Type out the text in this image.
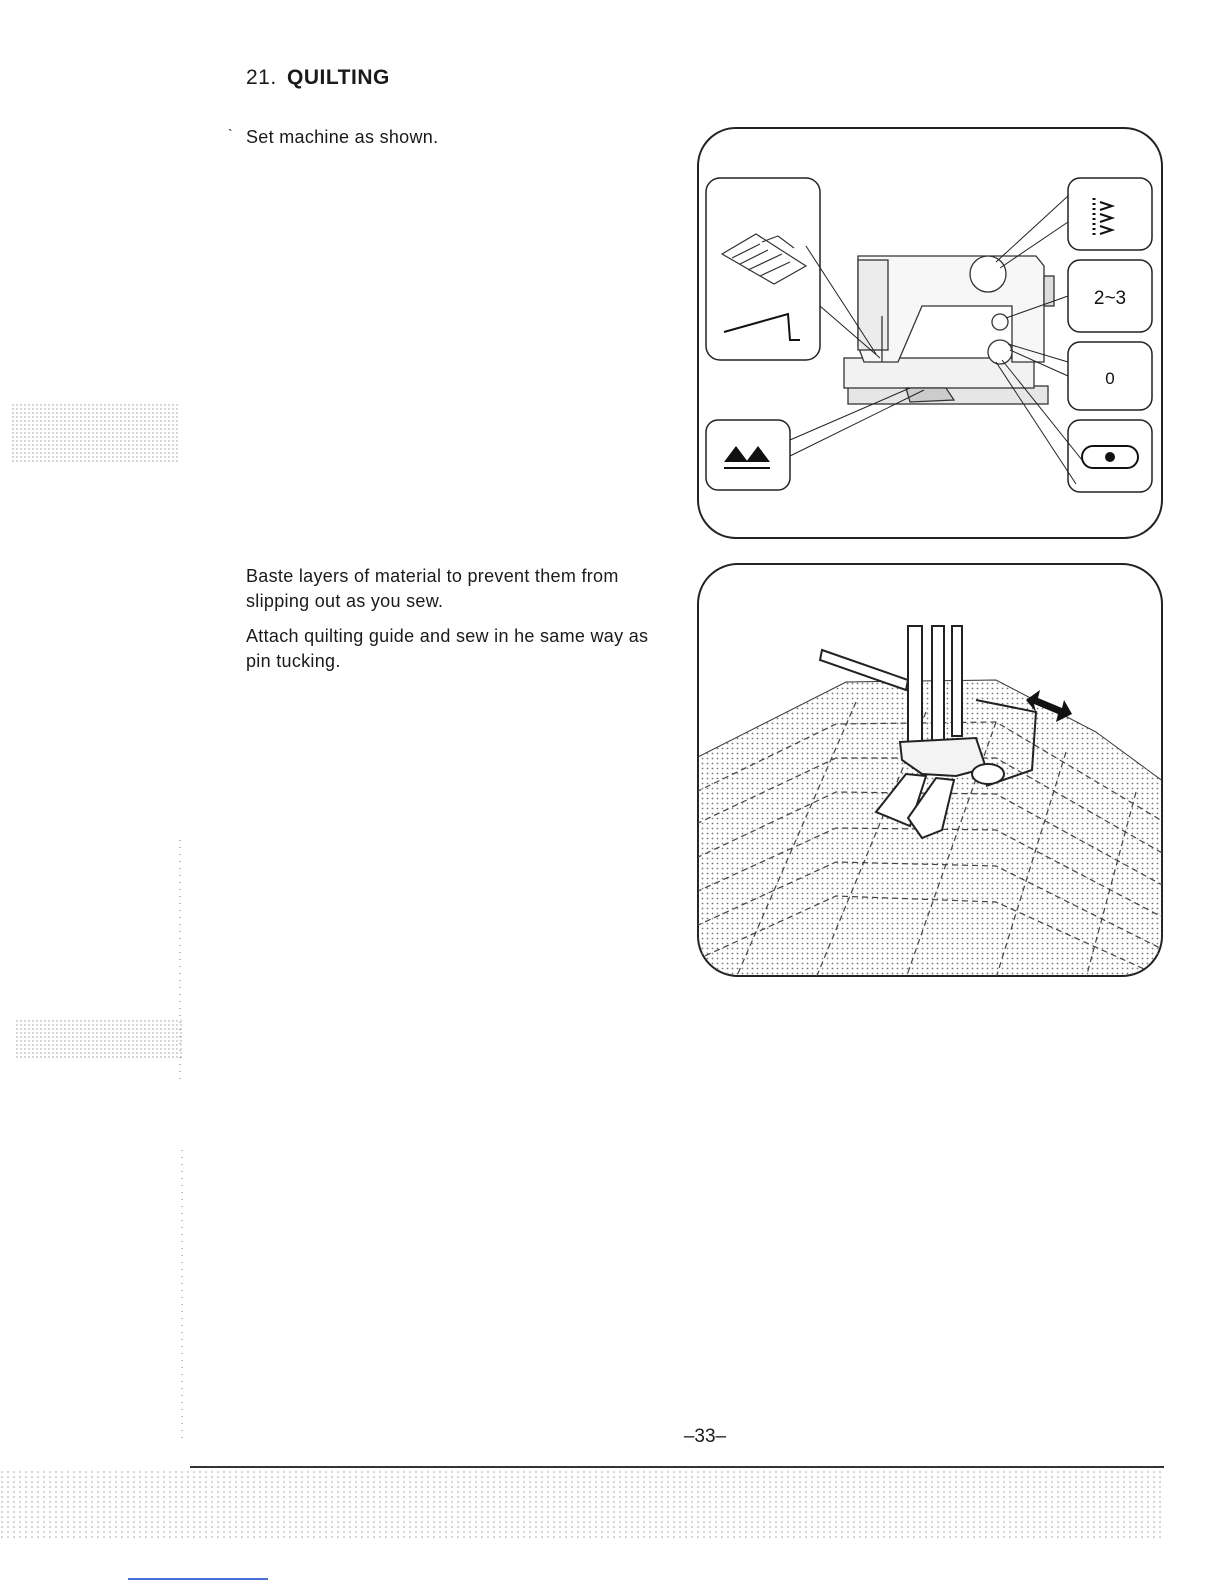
21. QUILTING
` Set machine as shown.

Baste layers of material to prevent them from slipping out as you sew.

Attach quilting guide and sew in he same way as pin tucking.

2~3
0
–33–
